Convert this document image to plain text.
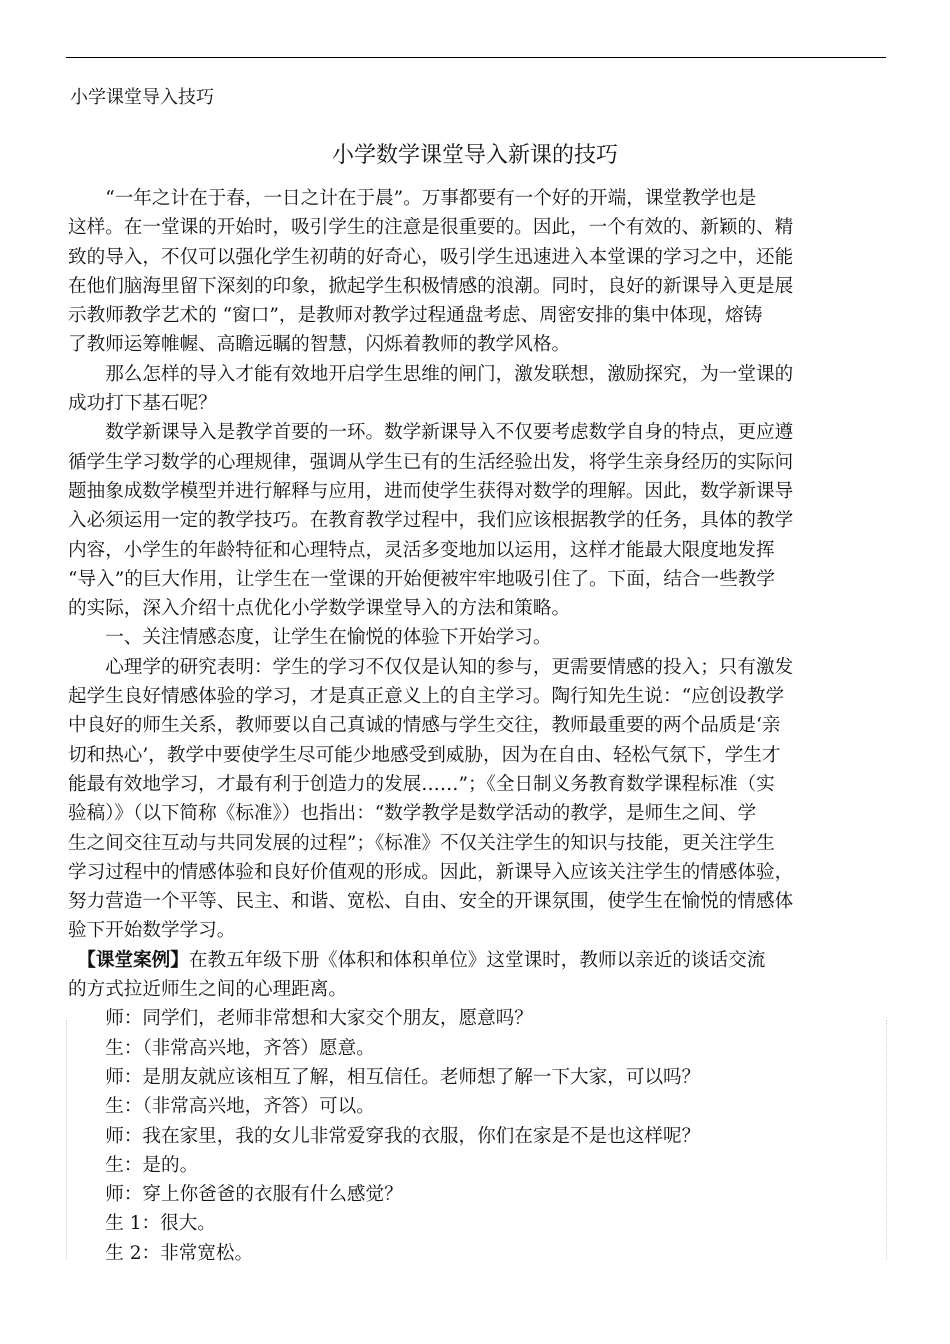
小学课堂导入技巧
小学数学课堂导入新课的技巧

　　“一年之计在于春，一日之计在于晨”。万事都要有一个好的开端，课堂教学也是

这样。在一堂课的开始时，吸引学生的注意是很重要的。因此，一个有效的、新颖的、精

致的导入，不仅可以强化学生初萌的好奇心，吸引学生迅速进入本堂课的学习之中，还能

在他们脑海里留下深刻的印象，掀起学生积极情感的浪潮。同时，良好的新课导入更是展

示教师教学艺术的 “窗口”，是教师对教学过程通盘考虑、周密安排的集中体现，熔铸

了教师运筹帷幄、高瞻远瞩的智慧，闪烁着教师的教学风格。

　　那么怎样的导入才能有效地开启学生思维的闸门，激发联想，激励探究，为一堂课的

成功打下基石呢？

　　数学新课导入是教学首要的一环。数学新课导入不仅要考虑数学自身的特点，更应遵

循学生学习数学的心理规律，强调从学生已有的生活经验出发，将学生亲身经历的实际问

题抽象成数学模型并进行解释与应用，进而使学生获得对数学的理解。因此，数学新课导

入必须运用一定的教学技巧。在教育教学过程中，我们应该根据教学的任务，具体的教学

内容，小学生的年龄特征和心理特点，灵活多变地加以运用，这样才能最大限度地发挥

“导入”的巨大作用，让学生在一堂课的开始便被牢牢地吸引住了。下面，结合一些教学

的实际，深入介绍十点优化小学数学课堂导入的方法和策略。

　　一、关注情感态度，让学生在愉悦的体验下开始学习。

　　心理学的研究表明：学生的学习不仅仅是认知的参与，更需要情感的投入；只有激发

起学生良好情感体验的学习，才是真正意义上的自主学习。陶行知先生说：“应创设教学

中良好的师生关系，教师要以自己真诚的情感与学生交往，教师最重要的两个品质是‘亲

切和热心’，教学中要使学生尽可能少地感受到威胁，因为在自由、轻松气氛下，学生才

能最有效地学习，才最有利于创造力的发展……”；《全日制义务教育数学课程标准（实

验稿）》（以下简称《标准》）也指出：“数学教学是数学活动的教学，是师生之间、学

生之间交往互动与共同发展的过程”；《标准》不仅关注学生的知识与技能，更关注学生

学习过程中的情感体验和良好价值观的形成。因此，新课导入应该关注学生的情感体验，

努力营造一个平等、民主、和谐、宽松、自由、安全的开课氛围，使学生在愉悦的情感体

验下开始数学学习。

　【课堂案例】在教五年级下册《体积和体积单位》这堂课时，教师以亲近的谈话交流

的方式拉近师生之间的心理距离。

　　师：同学们，老师非常想和大家交个朋友，愿意吗？

　　生：（非常高兴地，齐答）愿意。

　　师：是朋友就应该相互了解，相互信任。老师想了解一下大家，可以吗？

　　生：（非常高兴地，齐答）可以。

　　师：我在家里，我的女儿非常爱穿我的衣服，你们在家是不是也这样呢？

　　生：是的。

　　师：穿上你爸爸的衣服有什么感觉？

　　生 1：很大。

　　生 2：非常宽松。
